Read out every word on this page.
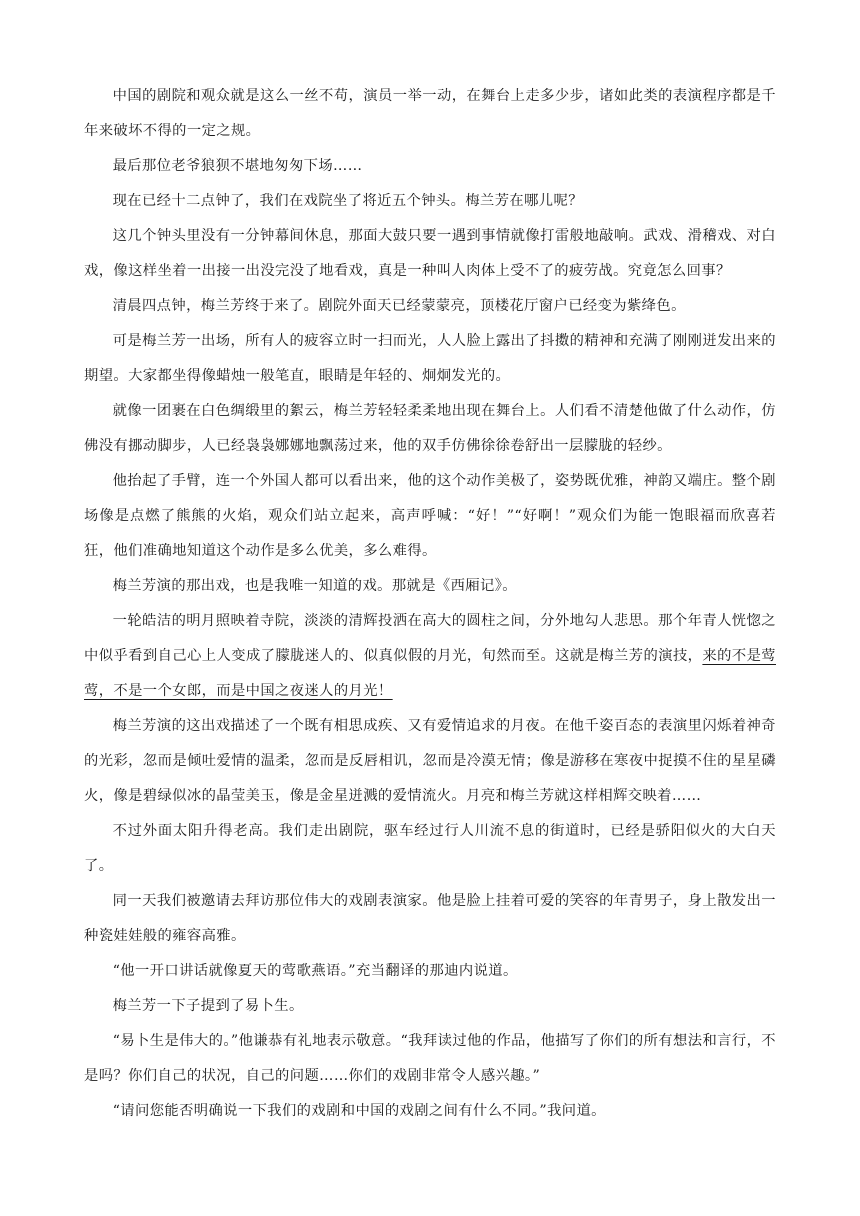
中国的剧院和观众就是这么一丝不苟，演员一举一动，在舞台上走多少步，诸如此类的表演程序都是千年来破坏不得的一定之规。

最后那位老爷狼狈不堪地匆匆下场……

现在已经十二点钟了，我们在戏院坐了将近五个钟头。梅兰芳在哪儿呢？

这几个钟头里没有一分钟幕间休息，那面大鼓只要一遇到事情就像打雷般地敲响。武戏、滑稽戏、对白戏，像这样坐着一出接一出没完没了地看戏，真是一种叫人肉体上受不了的疲劳战。究竟怎么回事？

清晨四点钟，梅兰芳终于来了。剧院外面天已经蒙蒙亮，顶楼花厅窗户已经变为紫绛色。

可是梅兰芳一出场，所有人的疲容立时一扫而光，人人脸上露出了抖擞的精神和充满了刚刚迸发出来的期望。大家都坐得像蜡烛一般笔直，眼睛是年轻的、炯炯发光的。

就像一团裹在白色绸缎里的絮云，梅兰芳轻轻柔柔地出现在舞台上。人们看不清楚他做了什么动作，仿佛没有挪动脚步，人已经袅袅娜娜地飘荡过来，他的双手仿佛徐徐卷舒出一层朦胧的轻纱。

他抬起了手臂，连一个外国人都可以看出来，他的这个动作美极了，姿势既优雅，神韵又端庄。整个剧场像是点燃了熊熊的火焰，观众们站立起来，高声呼喊：“好！”“好啊！”观众们为能一饱眼福而欣喜若狂，他们准确地知道这个动作是多么优美，多么难得。

梅兰芳演的那出戏，也是我唯一知道的戏。那就是《西厢记》。

一轮皓洁的明月照映着寺院，淡淡的清辉投洒在高大的圆柱之间，分外地勾人悲思。那个年青人恍惚之中似乎看到自己心上人变成了朦胧迷人的、似真似假的月光，旬然而至。这就是梅兰芳的演技，来的不是莺莺，不是一个女郎，而是中国之夜迷人的月光！

梅兰芳演的这出戏描述了一个既有相思成疾、又有爱情追求的月夜。在他千姿百态的表演里闪烁着神奇的光彩，忽而是倾吐爱情的温柔，忽而是反唇相讥，忽而是冷漠无情；像是游移在寒夜中捉摸不住的星星磷火，像是碧绿似冰的晶莹美玉，像是金星迸溅的爱情流火。月亮和梅兰芳就这样相辉交映着……

不过外面太阳升得老高。我们走出剧院，驱车经过行人川流不息的街道时，已经是骄阳似火的大白天了。

同一天我们被邀请去拜访那位伟大的戏剧表演家。他是脸上挂着可爱的笑容的年青男子，身上散发出一种瓷娃娃般的雍容高雅。

“他一开口讲话就像夏天的莺歌燕语。”充当翻译的那迪内说道。

梅兰芳一下子提到了易卜生。

“易卜生是伟大的。”他谦恭有礼地表示敬意。“我拜读过他的作品，他描写了你们的所有想法和言行，不是吗？你们自己的状况，自己的问题……你们的戏剧非常令人感兴趣。”

“请问您能否明确说一下我们的戏剧和中国的戏剧之间有什么不同。”我问道。
